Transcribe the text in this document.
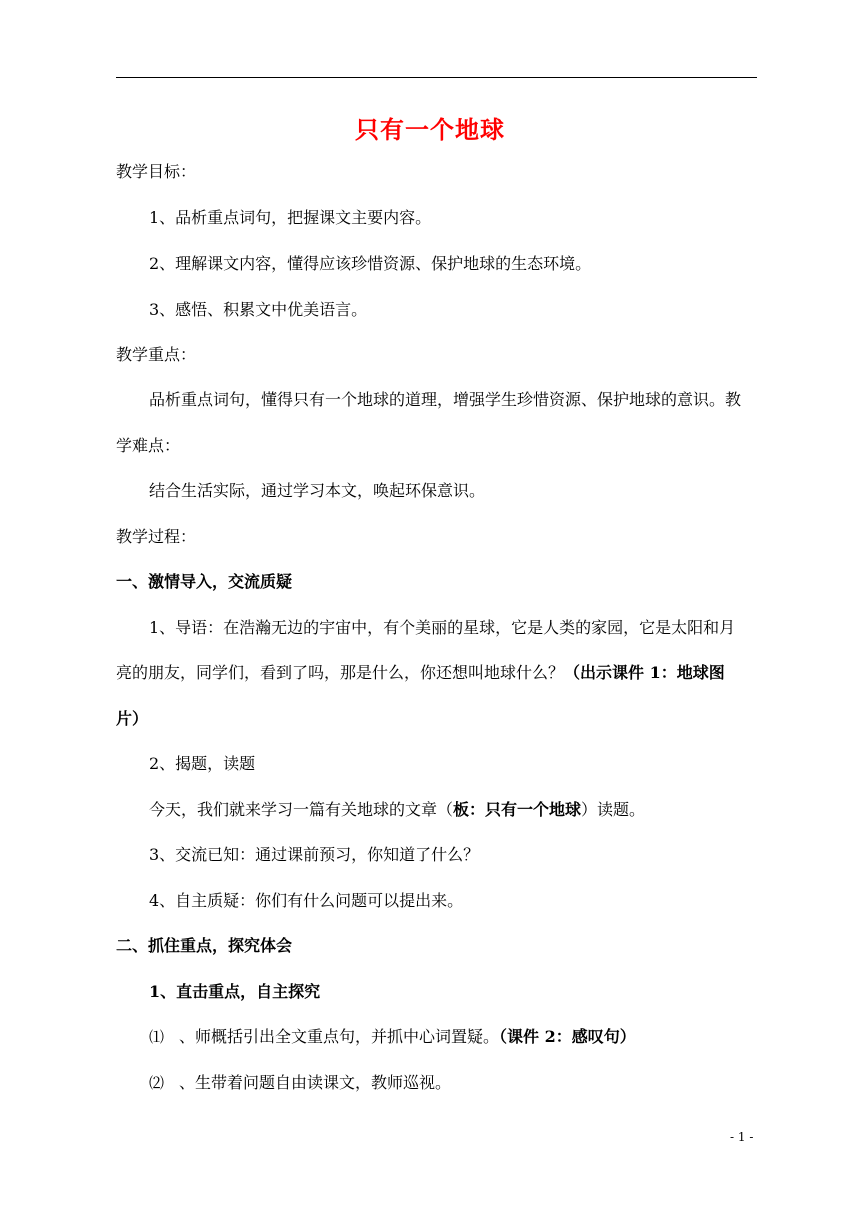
只有一个地球
教学目标：
1、品析重点词句，把握课文主要内容。
2、理解课文内容，懂得应该珍惜资源、保护地球的生态环境。
3、感悟、积累文中优美语言。
教学重点：
品析重点词句，懂得只有一个地球的道理，增强学生珍惜资源、保护地球的意识。教
学难点：
结合生活实际，通过学习本文，唤起环保意识。
教学过程：
一、激情导入，交流质疑
1、导语：在浩瀚无边的宇宙中，有个美丽的星球，它是人类的家园，它是太阳和月
亮的朋友，同学们，看到了吗，那是什么，你还想叫地球什么？（出示课件 1：地球图
片）
2、揭题，读题
今天，我们就来学习一篇有关地球的文章（板：只有一个地球）读题。
3、交流已知：通过课前预习，你知道了什么？
4、自主质疑：你们有什么问题可以提出来。
二、抓住重点，探究体会
1、直击重点，自主探究
⑴ 、师概括引出全文重点句，并抓中心词置疑。（课件 2：感叹句）
⑵ 、生带着问题自由读课文，教师巡视。
- 1 -
